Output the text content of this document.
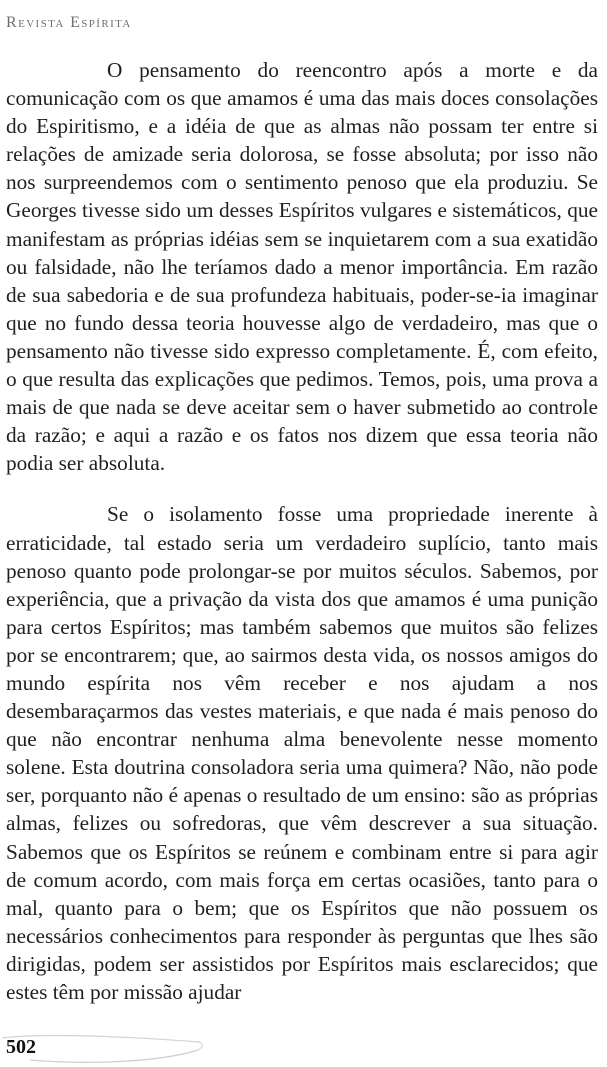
Revista Espírita

O pensamento do reencontro após a morte e da comunicação com os que amamos é uma das mais doces consolações do Espiritismo, e a idéia de que as almas não possam ter entre si relações de amizade seria dolorosa, se fosse absoluta; por isso não nos surpreendemos com o sentimento penoso que ela produziu. Se Georges tivesse sido um desses Espíritos vulgares e sistemáticos, que manifestam as próprias idéias sem se inquietarem com a sua exatidão ou falsidade, não lhe teríamos dado a menor importância. Em razão de sua sabedoria e de sua profundeza habituais, poder-se-ia imaginar que no fundo dessa teoria houvesse algo de verdadeiro, mas que o pensamento não tivesse sido expresso completamente. É, com efeito, o que resulta das explicações que pedimos. Temos, pois, uma prova a mais de que nada se deve aceitar sem o haver submetido ao controle da razão; e aqui a razão e os fatos nos dizem que essa teoria não podia ser absoluta.

Se o isolamento fosse uma propriedade inerente à erraticidade, tal estado seria um verdadeiro suplício, tanto mais penoso quanto pode prolongar-se por muitos séculos. Sabemos, por experiência, que a privação da vista dos que amamos é uma punição para certos Espíritos; mas também sabemos que muitos são felizes por se encontrarem; que, ao sairmos desta vida, os nossos amigos do mundo espírita nos vêm receber e nos ajudam a nos desembaraçarmos das vestes materiais, e que nada é mais penoso do que não encontrar nenhuma alma benevolente nesse momento solene. Esta doutrina consoladora seria uma quimera? Não, não pode ser, porquanto não é apenas o resultado de um ensino: são as próprias almas, felizes ou sofredoras, que vêm descrever a sua situação. Sabemos que os Espíritos se reúnem e combinam entre si para agir de comum acordo, com mais força em certas ocasiões, tanto para o mal, quanto para o bem; que os Espíritos que não possuem os necessários conhecimentos para responder às perguntas que lhes são dirigidas, podem ser assistidos por Espíritos mais esclarecidos; que estes têm por missão ajudar

502
